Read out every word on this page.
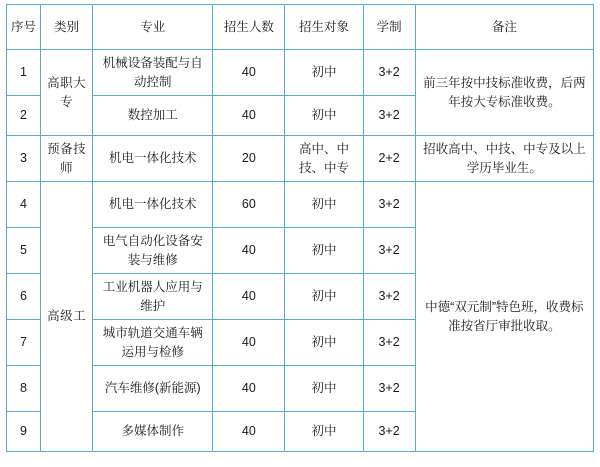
序号	类别	专业	招生人数	招生对象	学制	备注
1	高职大专	机械设备装配与自动控制	40	初中	3+2	前三年按中技标准收费，后两年按大专标准收费。
2		数控加工	40	初中	3+2	
3	预备技师	机电一体化技术	20	高中、中技、中专	2+2	招收高中、中技、中专及以上学历毕业生。
4	高级工	机电一体化技术	60	初中	3+2	中德“双元制”特色班，收费标准按省厅审批收取。
5		电气自动化设备安装与维修	40	初中	3+2	
6		工业机器人应用与维护	40	初中	3+2	
7		城市轨道交通车辆运用与检修	40	初中	3+2	
8		汽车维修(新能源)	40	初中	3+2	
9		多媒体制作	40	初中	3+2	
